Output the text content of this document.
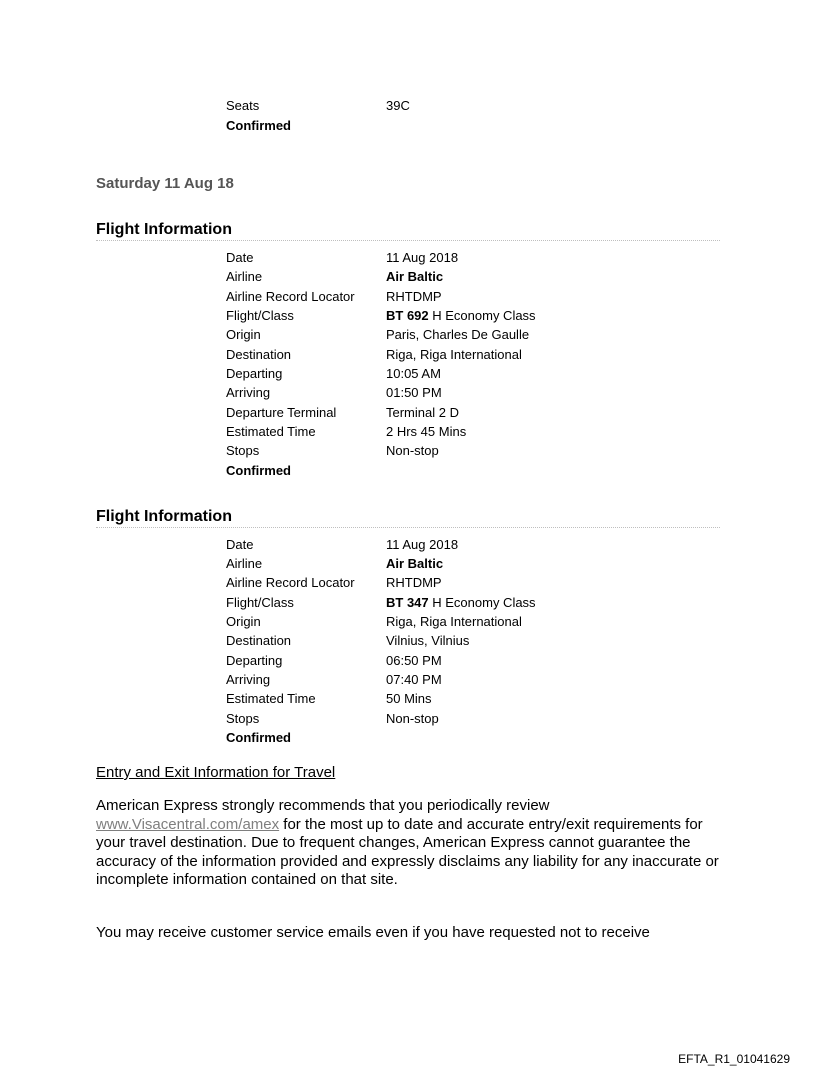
Seats	39C
Confirmed
Saturday 11 Aug 18
Flight Information
Date	11 Aug 2018
Airline	Air Baltic
Airline Record Locator	RHTDMP
Flight/Class	BT 692 H Economy Class
Origin	Paris, Charles De Gaulle
Destination	Riga, Riga International
Departing	10:05 AM
Arriving	01:50 PM
Departure Terminal	Terminal 2 D
Estimated Time	2 Hrs 45 Mins
Stops	Non-stop
Confirmed
Flight Information
Date	11 Aug 2018
Airline	Air Baltic
Airline Record Locator	RHTDMP
Flight/Class	BT 347 H Economy Class
Origin	Riga, Riga International
Destination	Vilnius, Vilnius
Departing	06:50 PM
Arriving	07:40 PM
Estimated Time	50 Mins
Stops	Non-stop
Confirmed
Entry and Exit Information for Travel
American Express strongly recommends that you periodically review
www.Visacentral.com/amex for the most up to date and accurate entry/exit requirements for your travel destination. Due to frequent changes, American Express cannot guarantee the accuracy of the information provided and expressly disclaims any liability for any inaccurate or incomplete information contained on that site.
You may receive customer service emails even if you have requested not to receive
EFTA_R1_01041629
